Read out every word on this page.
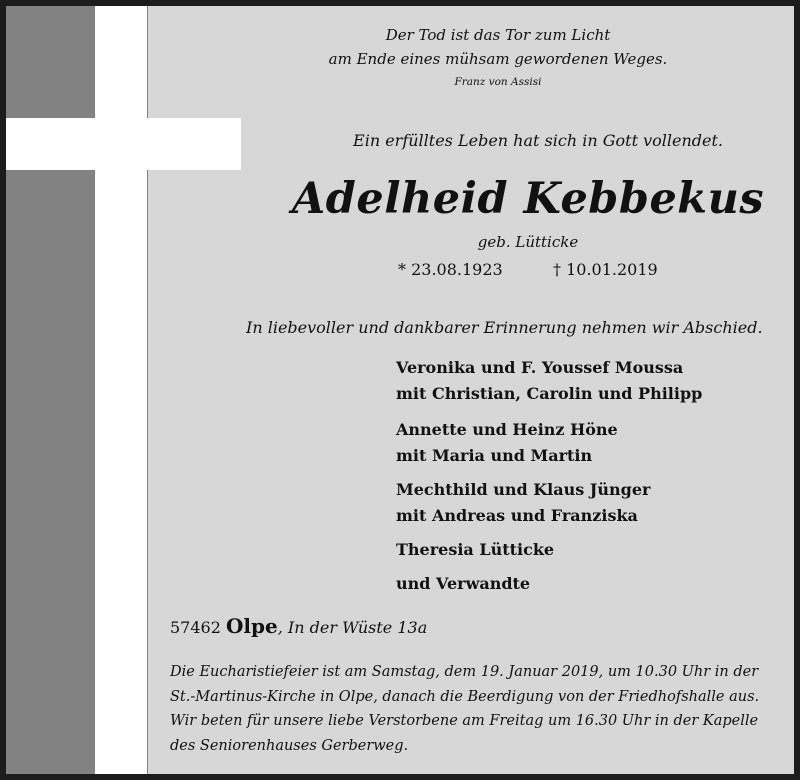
Der Tod ist das Tor zum Licht
am Ende eines mühsam gewordenen Weges.
Franz von Assisi
Ein erfülltes Leben hat sich in Gott vollendet.
Adelheid Kebbekus
geb. Lütticke
* 23.08.1923	† 10.01.2019
In liebevoller und dankbarer Erinnerung nehmen wir Abschied.
Veronika und F. Youssef Moussa
mit Christian, Carolin und Philipp
Annette und Heinz Höne
mit Maria und Martin
Mechthild und Klaus Jünger
mit Andreas und Franziska
Theresia Lütticke
und Verwandte
57462 Olpe, In der Wüste 13a
Die Eucharistiefeier ist am Samstag, dem 19. Januar 2019, um 10.30 Uhr in der
St.-Martinus-Kirche in Olpe, danach die Beerdigung von der Friedhofshalle aus.
Wir beten für unsere liebe Verstorbene am Freitag um 16.30 Uhr in der Kapelle
des Seniorenhauses Gerberweg.
